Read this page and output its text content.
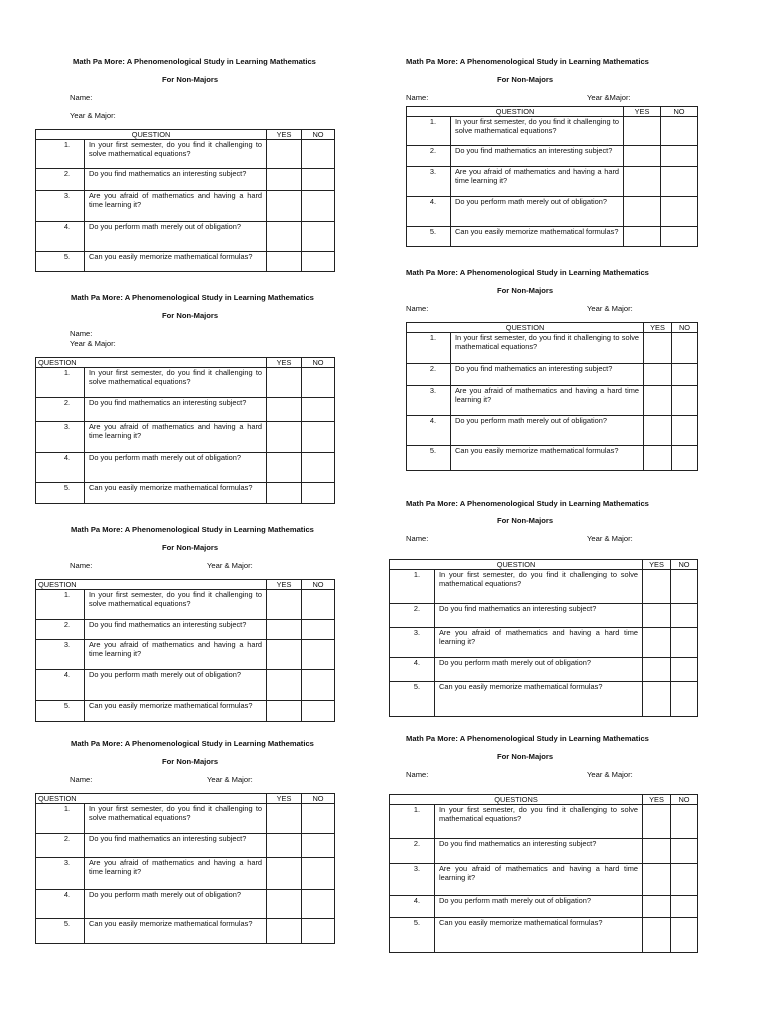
Math Pa More: A Phenomenological Study in Learning Mathematics
For Non-Majors
Name:
Year & Major:
QUESTION		YES	NO
1.	In your first semester, do you find it challenging to solve mathematical equations?		
2.	Do you find mathematics an interesting subject?		
3.	Are you afraid of mathematics and having a hard time learning it?		
4.	Do you perform math merely out of obligation?		
5.	Can you easily memorize mathematical formulas?		
Math Pa More: A Phenomenological Study in Learning Mathematics
For Non-Majors
Name:
Year & Major:
QUESTION		YES	NO
1.	In your first semester, do you find it challenging to solve mathematical equations?		
2.	Do you find mathematics an interesting subject?		
3.	Are you afraid of mathematics and having a hard time learning it?		
4.	Do you perform math merely out of obligation?		
5.	Can you easily memorize mathematical formulas?		
Math Pa More: A Phenomenological Study in Learning Mathematics
For Non-Majors
Name:	Year & Major:
QUESTION		YES	NO
1.	In your first semester, do you find it challenging to solve mathematical equations?		
2.	Do you find mathematics an interesting subject?		
3.	Are you afraid of mathematics and having a hard time learning it?		
4.	Do you perform math merely out of obligation?		
5.	Can you easily memorize mathematical formulas?		
Math Pa More: A Phenomenological Study in Learning Mathematics
For Non-Majors
Name:	Year & Major:
QUESTION		YES	NO
1.	In your first semester, do you find it challenging to solve mathematical equations?		
2.	Do you find mathematics an interesting subject?		
3.	Are you afraid of mathematics and having a hard time learning it?		
4.	Do you perform math merely out of obligation?		
5.	Can you easily memorize mathematical formulas?		
Math Pa More: A Phenomenological Study in Learning Mathematics
For Non-Majors
Name:	Year &Major:
QUESTION		YES	NO
1.	In your first semester, do you find it challenging to solve mathematical equations?		
2.	Do you find mathematics an interesting subject?		
3.	Are you afraid of mathematics and having a hard time learning it?		
4.	Do you perform math merely out of obligation?		
5.	Can you easily memorize mathematical formulas?		
Math Pa More: A Phenomenological Study in Learning Mathematics
For Non-Majors
Name:	Year & Major:
QUESTION		YES	NO
1.	In your first semester, do you find it challenging to solve mathematical equations?		
2.	Do you find mathematics an interesting subject?		
3.	Are you afraid of mathematics and having a hard time learning it?		
4.	Do you perform math merely out of obligation?		
5.	Can you easily memorize mathematical formulas?		
Math Pa More: A Phenomenological Study in Learning Mathematics
For Non-Majors
Name:	Year & Major:
QUESTION		YES	NO
1.	In your first semester, do you find it challenging to solve mathematical equations?		
2.	Do you find mathematics an interesting subject?		
3.	Are you afraid of mathematics and having a hard time learning it?		
4.	Do you perform math merely out of obligation?		
5.	Can you easily memorize mathematical formulas?		
Math Pa More: A Phenomenological Study in Learning Mathematics
For Non-Majors
Name:	Year & Major:
QUESTIONS		YES	NO
1.	In your first semester, do you find it challenging to solve mathematical equations?		
2.	Do you find mathematics an interesting subject?		
3.	Are you afraid of mathematics and having a hard time learning it?		
4.	Do you perform math merely out of obligation?		
5.	Can you easily memorize mathematical formulas?		
